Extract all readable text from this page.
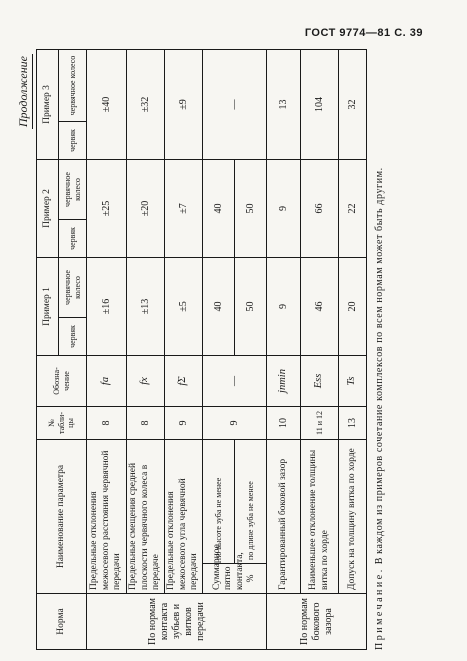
ГОСТ 9774—81 С. 39
Продолжение
Норма	Наименование параметра		№ табли-цы	Обозна-чение	Пример 1		Пример 2		Пример 3	
					червяк	червячное колесо	червяк	червячное колесо	червяк	червячное колесо
По нормам контакта зубьев и витков передачи	Предельные отклонения межосевого расстояния червячной передачи		8	fa	±16		±25		±40	
	Предельные смещения средней плоскости червячного колеса в передаче		8	fx	±13		±20		±32	
	Предельные отклонения межосевого угла червячной передачи		9	fΣ	±5		±7		±9	
	Суммарное пятно контакта, %	по высоте зуба не менее	9	—	40		40		—	
		по длине зуба не менее			50		50			
По нормам бокового зазора	Гарантированный боковой зазор		10	jnmin	9		9		13	
	Наименьшее отклонение толщины витка по хорде		11 и 12	Ess	46		66		104	
	Допуск на толщину витка по хорде		13	Ts	20		22		32	
Примечание. В каждом из примеров сочетание комплексов по всем нормам может быть другим.
